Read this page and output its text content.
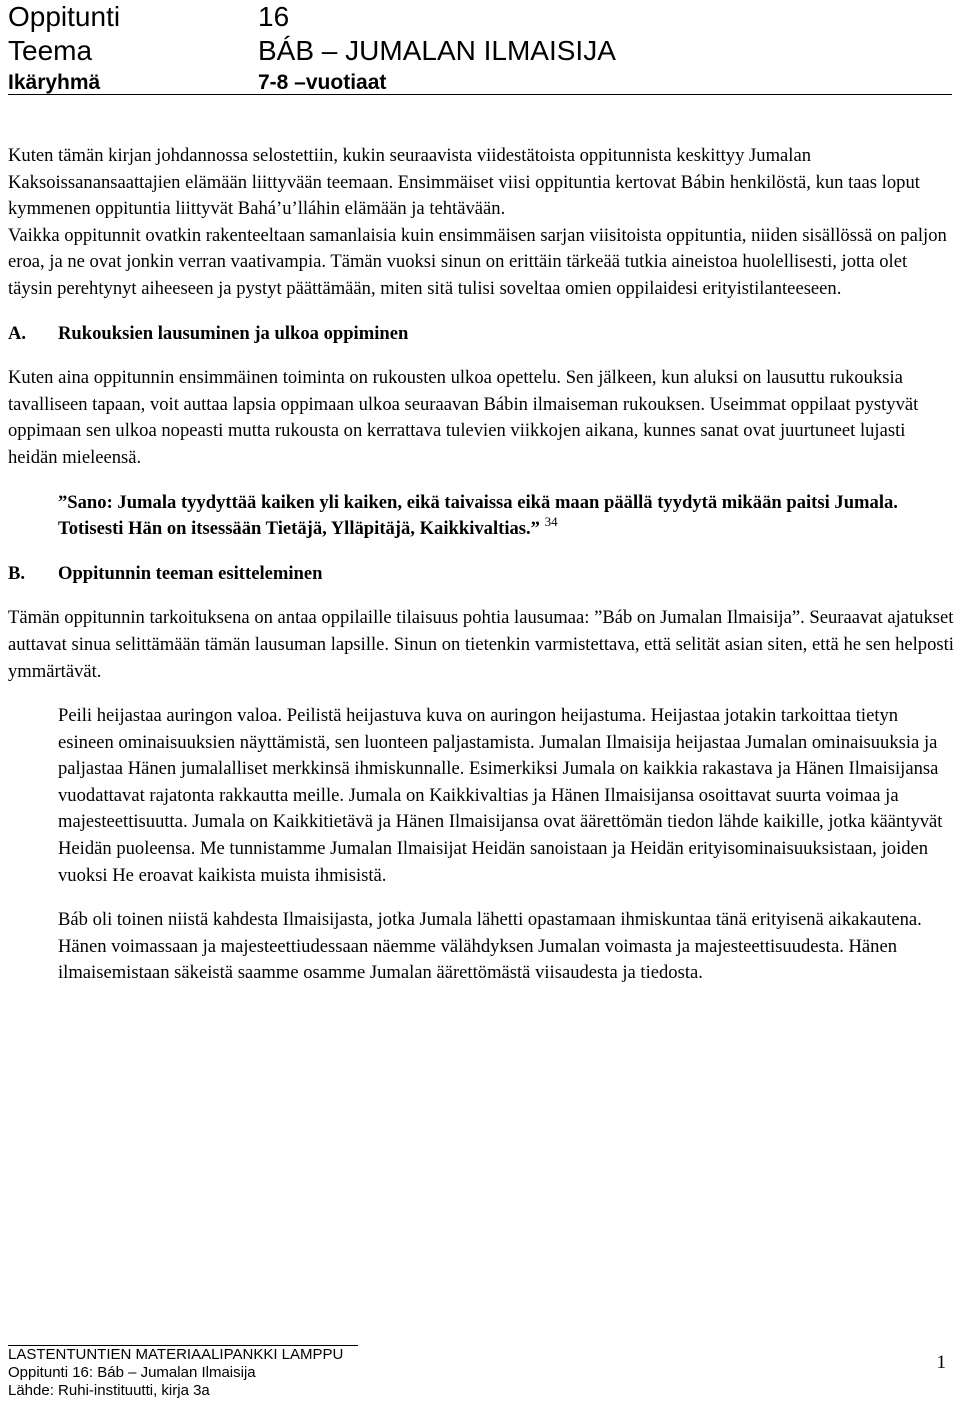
Oppitunti	16
Teema	BÁB – JUMALAN ILMAISIJA
Ikäryhmä	7-8 –vuotiaat

Kuten tämän kirjan johdannossa selostettiin, kukin seuraavista viidestätoista oppitunnista keskittyy Jumalan Kaksoissanansaattajien elämään liittyvään teemaan. Ensimmäiset viisi oppituntia kertovat Bábin henkilöstä, kun taas loput kymmenen oppituntia liittyvät Bahá’u’lláhin elämään ja tehtävään.

Vaikka oppitunnit ovatkin rakenteeltaan samanlaisia kuin ensimmäisen sarjan viisitoista oppituntia, niiden sisällössä on paljon eroa, ja ne ovat jonkin verran vaativampia. Tämän vuoksi sinun on erittäin tärkeää tutkia aineistoa huolellisesti, jotta olet täysin perehtynyt aiheeseen ja pystyt päättämään, miten sitä tulisi soveltaa omien oppilaidesi erityistilanteeseen.

A.	Rukouksien lausuminen ja ulkoa oppiminen

Kuten aina oppitunnin ensimmäinen toiminta on rukousten ulkoa opettelu. Sen jälkeen, kun aluksi on lausuttu rukouksia tavalliseen tapaan, voit auttaa lapsia oppimaan ulkoa seuraavan Bábin ilmaiseman rukouksen. Useimmat oppilaat pystyvät oppimaan sen ulkoa nopeasti mutta rukousta on kerrattava tulevien viikkojen aikana, kunnes sanat ovat juurtuneet lujasti heidän mieleensä.

”Sano: Jumala tyydyttää kaiken yli kaiken, eikä taivaissa eikä maan päällä tyydytä mikään paitsi Jumala. Totisesti Hän on itsessään Tietäjä, Ylläpitäjä, Kaikkivaltias.” $^{34}$

B.	Oppitunnin teeman esitteleminen

Tämän oppitunnin tarkoituksena on antaa oppilaille tilaisuus pohtia lausumaa: ”Báb on Jumalan Ilmaisija”. Seuraavat ajatukset auttavat sinua selittämään tämän lausuman lapsille. Sinun on tietenkin varmistettava, että selität asian siten, että he sen helposti ymmärtävät.

Peili heijastaa auringon valoa. Peilistä heijastuva kuva on auringon heijastuma. Heijastaa jotakin tarkoittaa tietyn esineen ominaisuuksien näyttämistä, sen luonteen paljastamista. Jumalan Ilmaisija heijastaa Jumalan ominaisuuksia ja paljastaa Hänen jumalalliset merkkinsä ihmiskunnalle. Esimerkiksi Jumala on kaikkia rakastava ja Hänen Ilmaisijansa vuodattavat rajatonta rakkautta meille. Jumala on Kaikkivaltias ja Hänen Ilmaisijansa osoittavat suurta voimaa ja majesteettisuutta. Jumala on Kaikkitietävä ja Hänen Ilmaisijansa ovat äärettömän tiedon lähde kaikille, jotka kääntyvät Heidän puoleensa. Me tunnistamme Jumalan Ilmaisijat Heidän sanoistaan ja Heidän erityisominaisuuksistaan, joiden vuoksi He eroavat kaikista muista ihmisistä.

Báb oli toinen niistä kahdesta Ilmaisijasta, jotka Jumala lähetti opastamaan ihmiskuntaa tänä erityisenä aikakautena. Hänen voimassaan ja majesteettiudessaan näemme välähdyksen Jumalan voimasta ja majesteettisuudesta. Hänen ilmaisemistaan säkeistä saamme osamme Jumalan äärettömästä viisaudesta ja tiedosta.

LASTENTUNTIEN MATERIAALIPANKKI LAMPPU
Oppitunti 16: Báb – Jumalan Ilmaisija
Lähde: Ruhi-instituutti, kirja 3a
1
